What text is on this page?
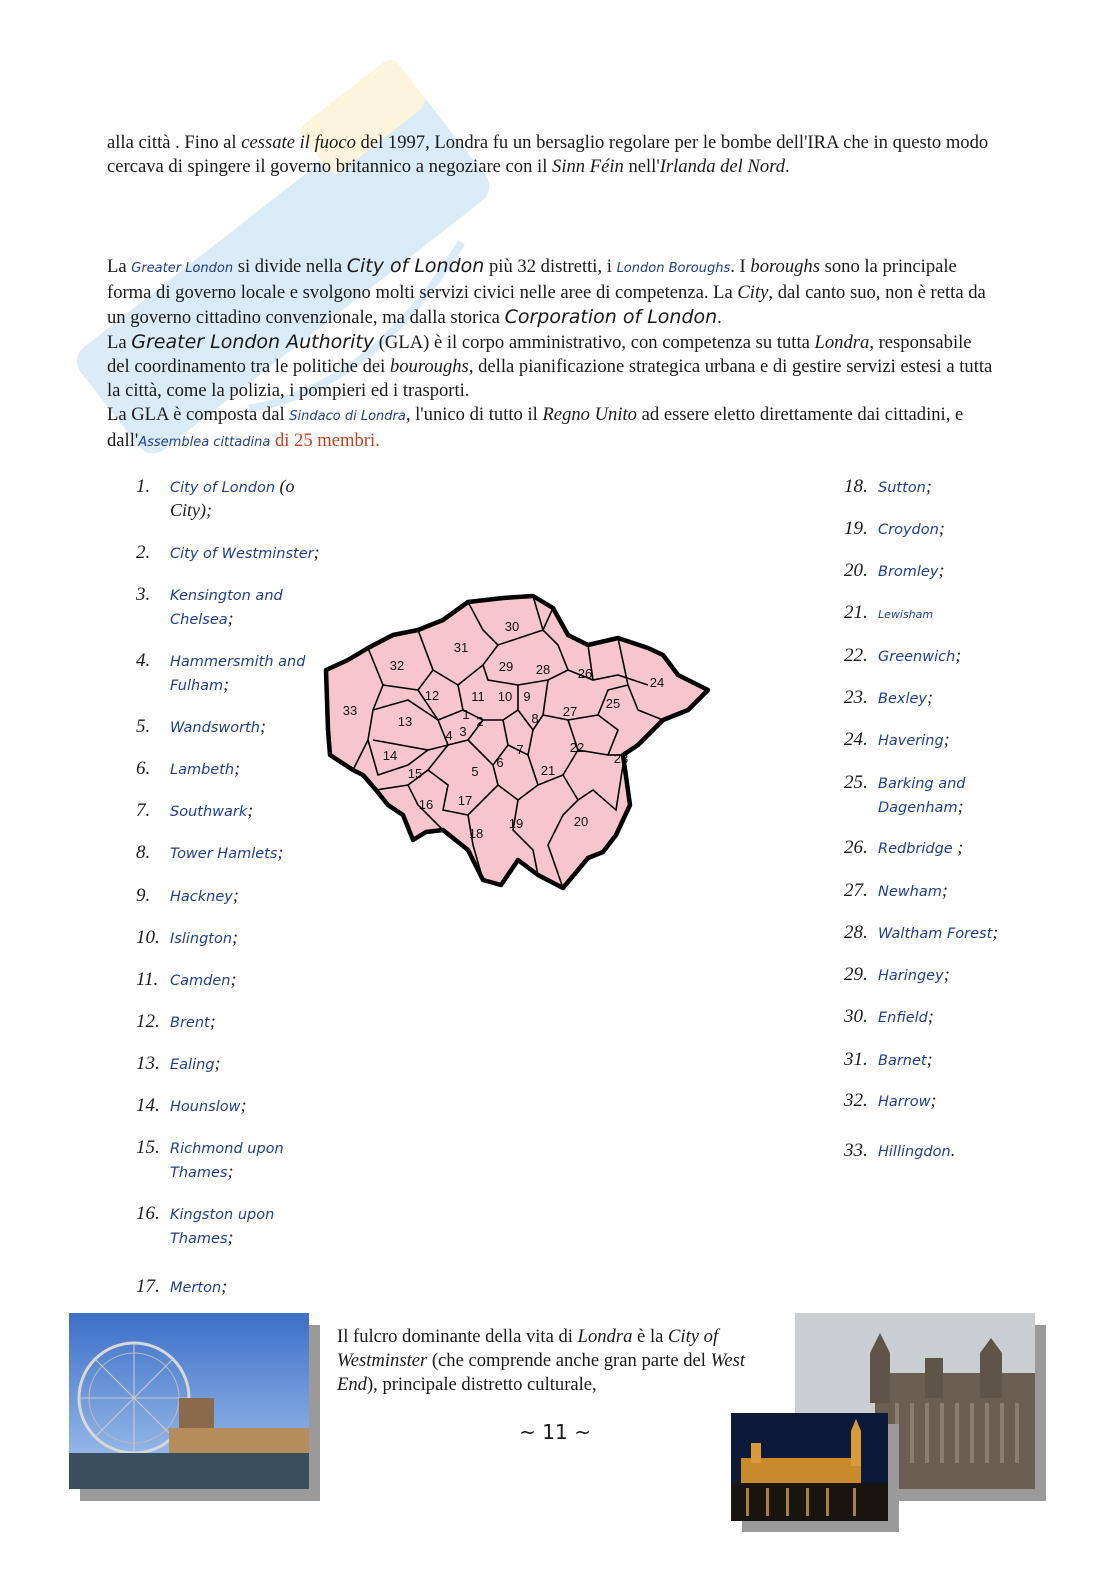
alla città . Fino al cessate il fuoco del 1997, Londra fu un bersaglio regolare per le bombe dell'IRA che in questo modo cercava di spingere il governo britannico a negoziare con il Sinn Féin nell'Irlanda del Nord.

La Greater London si divide nella City of London più 32 distretti, i London Boroughs. I boroughs sono la principale forma di governo locale e svolgono molti servizi civici nelle aree di competenza. La City, dal canto suo, non è retta da un governo cittadino convenzionale, ma dalla storica Corporation of London.
La Greater London Authority (GLA) è il corpo amministrativo, con competenza su tutta Londra, responsabile del coordinamento tra le politiche dei bouroughs, della pianificazione strategica urbana e di gestire servizi estesi a tutta la città, come la polizia, i pompieri ed i trasporti.
La GLA è composta dal Sindaco di Londra, l'unico di tutto il Regno Unito ad essere eletto direttamente dai cittadini, e dall'Assemblea cittadina di 25 membri.

1. City of London (o City);
2. City of Westminster;
3. Kensington and Chelsea;
4. Hammersmith and Fulham;
5. Wandsworth;
6. Lambeth;
7. Southwark;
8. Tower Hamlets;
9. Hackney;
10. Islington;
11. Camden;
12. Brent;
13. Ealing;
14. Hounslow;
15. Richmond upon Thames;
16. Kingston upon Thames;
17. Merton;
18. Sutton;
19. Croydon;
20. Bromley;
21. Lewisham
22. Greenwich;
23. Bexley;
24. Havering;
25. Barking and Dagenham;
26. Redbridge ;
27. Newham;
28. Waltham Forest;
29. Haringey;
30. Enfield;
31. Barnet;
32. Harrow;
33. Hillingdon.
1 2
3
4
5
6
7
8
9
10
11
12
13
14
15
16 17
18
19	20
21
22
23
24
25
26
27
28
29
30
31
32
33

Il fulcro dominante della vita di Londra è la City of Westminster (che comprende anche gran parte del West End), principale distretto culturale,

~ 11 ~
